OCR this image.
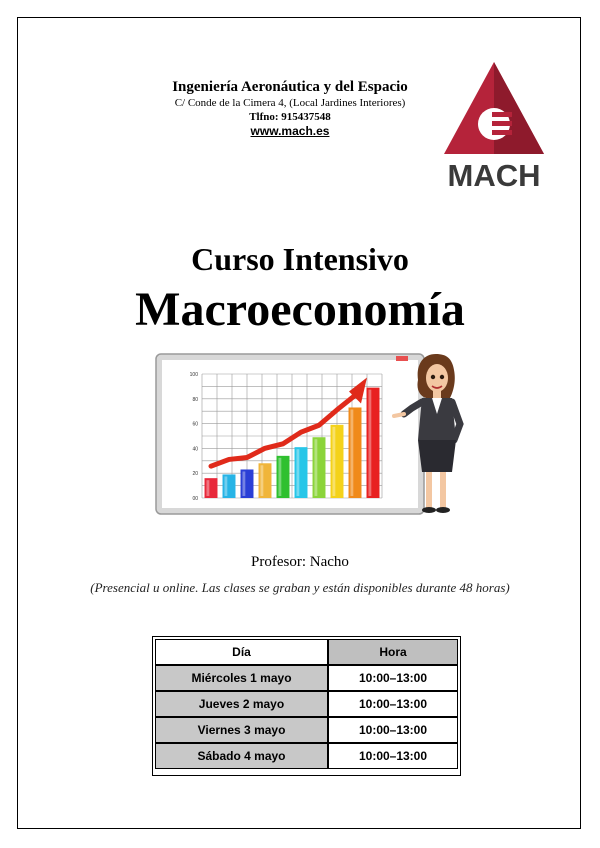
Ingeniería Aeronáutica y del Espacio
C/ Conde de la Cimera 4, (Local Jardines Interiores)
Tlfno: 915437548
www.mach.es
MACH
Curso Intensivo
Macroeconomía
100
80
60
40
20
00
Profesor: Nacho
(Presencial u online. Las clases se graban y están disponibles durante 48 horas)
Día	Hora
Miércoles 1 mayo	10:00–13:00
Jueves 2 mayo	10:00–13:00
Viernes 3 mayo	10:00–13:00
Sábado 4 mayo	10:00–13:00
